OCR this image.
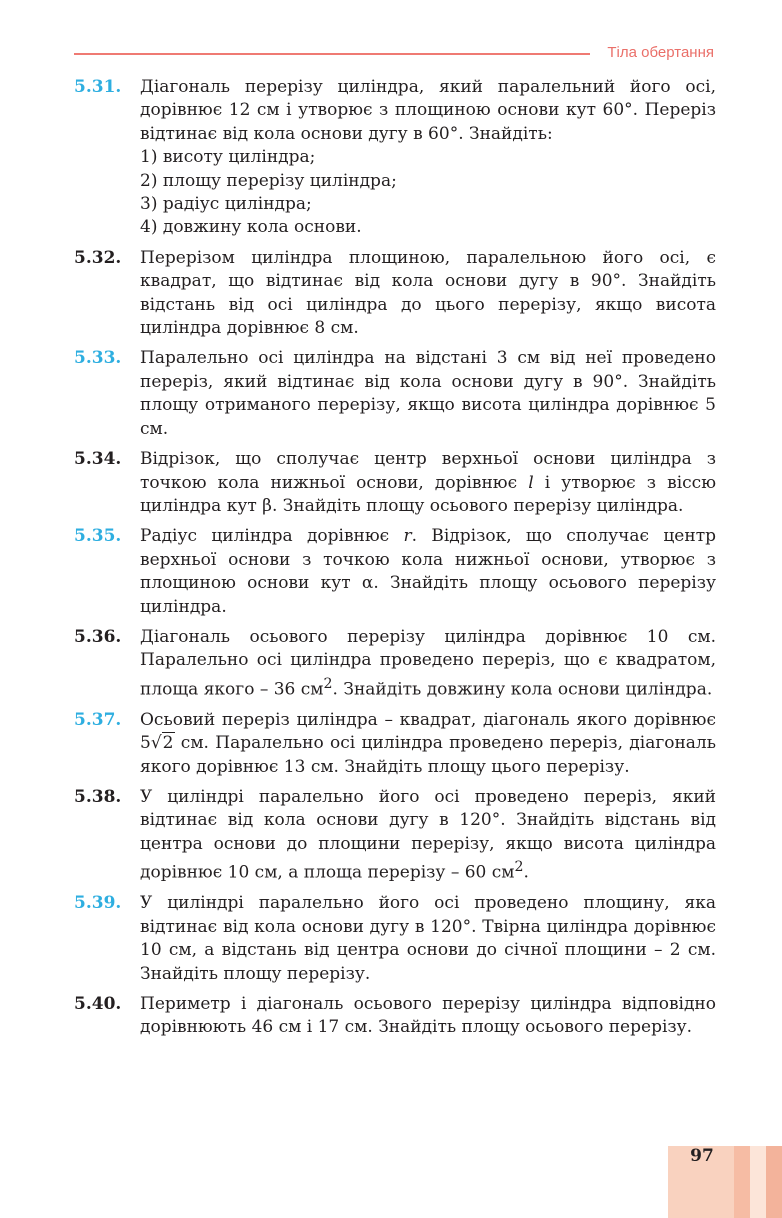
Тіла обертання
5.31. Діагональ перерізу циліндра, який паралельний його осі, дорівнює 12 см і утворює з площиною основи кут 60°. Переріз відтинає від кола основи дугу в 60°. Знайдіть:

1) висоту циліндра;

2) площу перерізу циліндра;

3) радіус циліндра;

4) довжину кола основи.

5.32. Перерізом циліндра площиною, паралельною його осі, є квадрат, що відтинає від кола основи дугу в 90°. Знайдіть відстань від осі циліндра до цього перерізу, якщо висота циліндра дорівнює 8 см.
5.33. Паралельно осі циліндра на відстані 3 см від неї проведено переріз, який відтинає від кола основи дугу в 90°. Знайдіть площу отриманого перерізу, якщо висота циліндра дорівнює 5 см.
5.34. Відрізок, що сполучає центр верхньої основи циліндра з точкою кола нижньої основи, дорівнює l і утворює з віссю циліндра кут β. Знайдіть площу осьового перерізу циліндра.
5.35. Радіус циліндра дорівнює r. Відрізок, що сполучає центр верхньої основи з точкою кола нижньої основи, утворює з площиною основи кут α. Знайдіть площу осьового перерізу циліндра.
5.36. Діагональ осьового перерізу циліндра дорівнює 10 см. Паралельно осі циліндра проведено переріз, що є квадратом, площа якого – 36 $см^2$. Знайдіть довжину кола основи циліндра.
5.37. Осьовий переріз циліндра – квадрат, діагональ якого дорівнює 5√2 см. Паралельно осі циліндра проведено переріз, діагональ якого дорівнює 13 см. Знайдіть площу цього перерізу.
5.38. У циліндрі паралельно його осі проведено переріз, який відтинає від кола основи дугу в 120°. Знайдіть відстань від центра основи до площини перерізу, якщо висота циліндра дорівнює 10 см, а площа перерізу – 60 $см^2$.
5.39. У циліндрі паралельно його осі проведено площину, яка відтинає від кола основи дугу в 120°. Твірна циліндра дорівнює 10 см, а відстань від центра основи до січної площини – 2 см. Знайдіть площу перерізу.
5.40. Периметр і діагональ осьового перерізу циліндра відповідно дорівнюють 46 см і 17 см. Знайдіть площу осьового перерізу.
97
